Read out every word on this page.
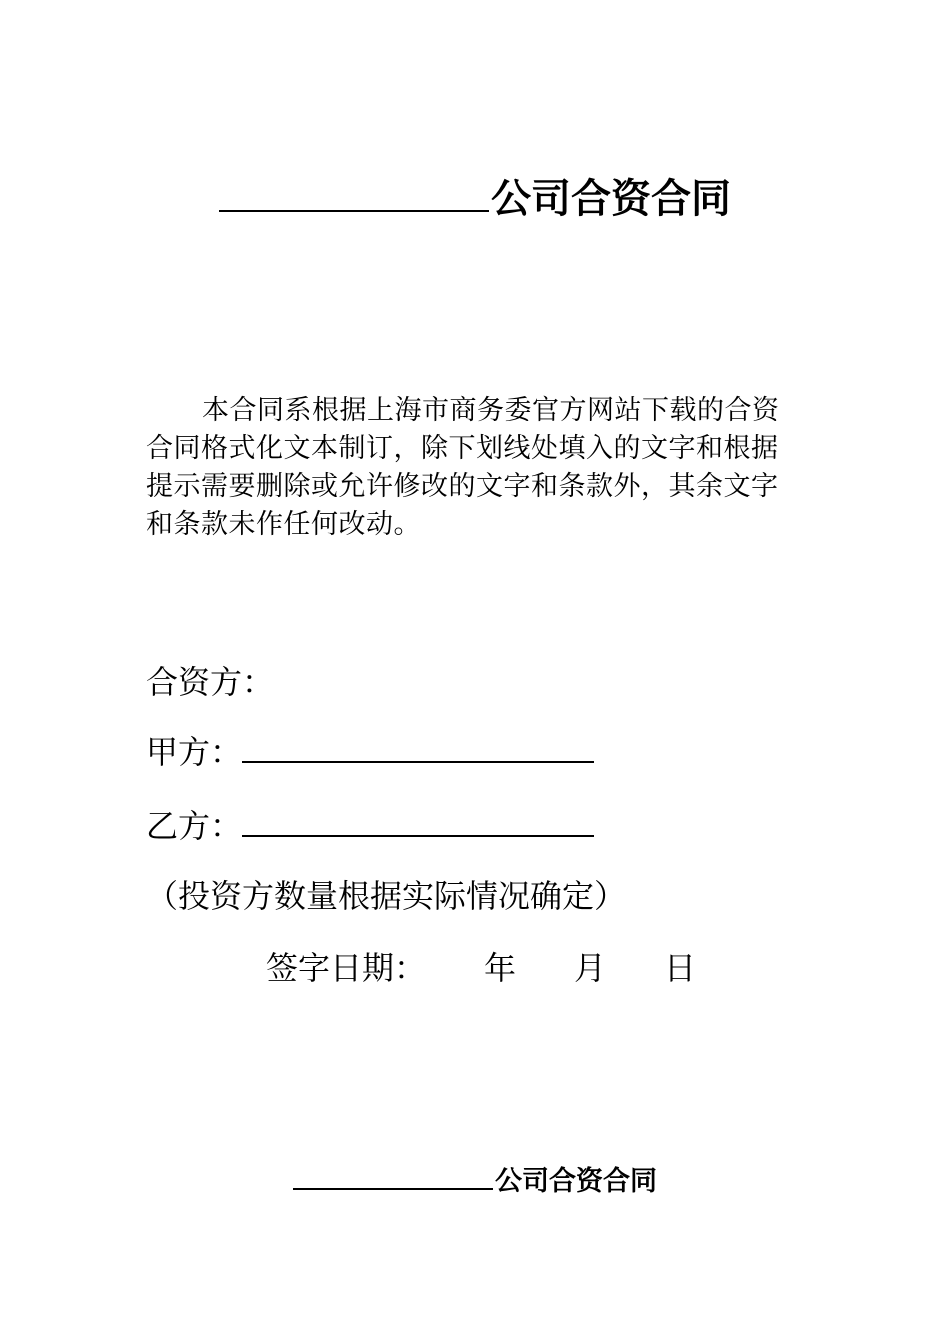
公司合资合同
本合同系根据上海市商务委官方网站下载的合资
合同格式化文本制订，除下划线处填入的文字和根据
提示需要删除或允许修改的文字和条款外，其余文字
和条款未作任何改动。
合资方：
甲方：
乙方：
（投资方数量根据实际情况确定）
签字日期： 年 月 日
公司合资合同
